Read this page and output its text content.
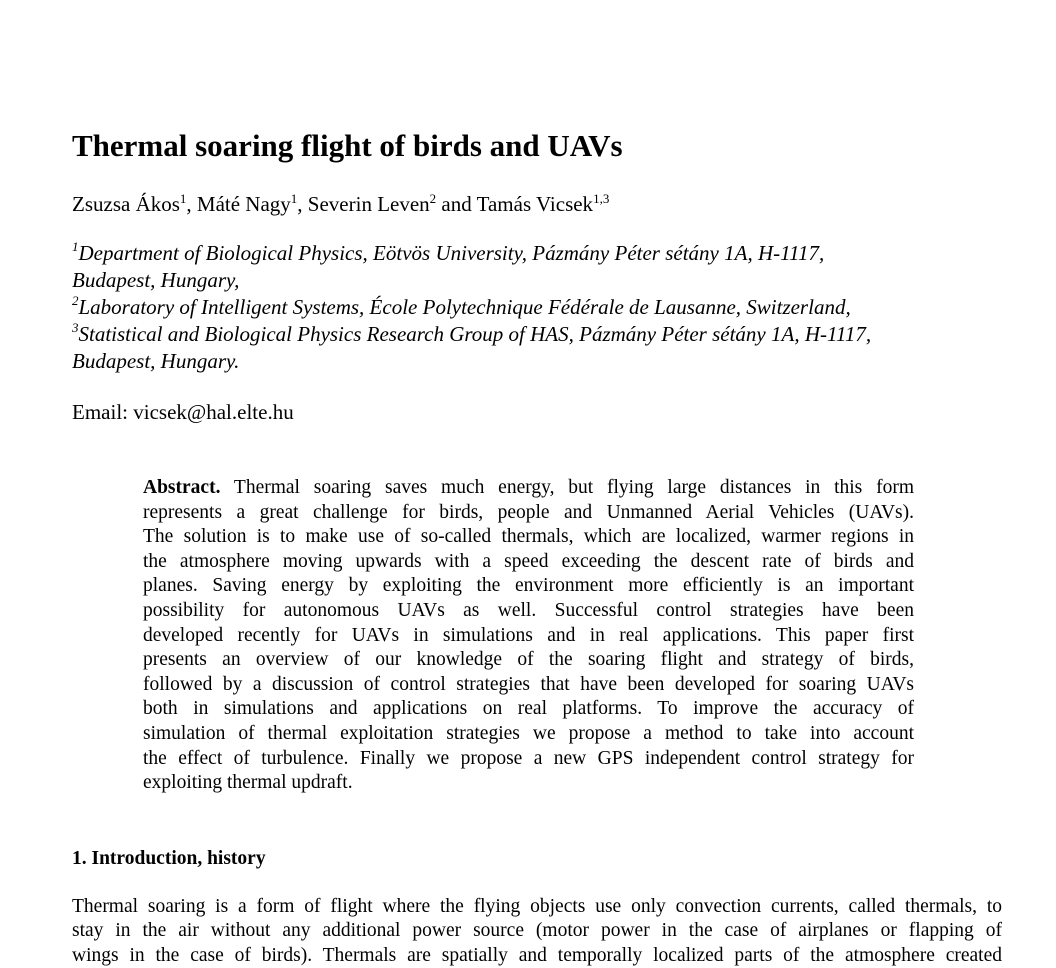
Thermal soaring flight of birds and UAVs
Zsuzsa Ákos$^1$, Máté Nagy$^1$, Severin Leven$^2$ and Tamás Vicsek$^{1,3}$
$^1$Department of Biological Physics, Eötvös University, Pázmány Péter sétány 1A, H-1117,
Budapest, Hungary,
$^2$Laboratory of Intelligent Systems, École Polytechnique Fédérale de Lausanne, Switzerland,
$^3$Statistical and Biological Physics Research Group of HAS, Pázmány Péter sétány 1A, H-1117,
Budapest, Hungary.
Email: vicsek@hal.elte.hu
Abstract. Thermal soaring saves much energy, but flying large distances in this form
represents a great challenge for birds, people and Unmanned Aerial Vehicles (UAVs).
The solution is to make use of so-called thermals, which are localized, warmer regions in
the atmosphere moving upwards with a speed exceeding the descent rate of birds and
planes. Saving energy by exploiting the environment more efficiently is an important
possibility for autonomous UAVs as well. Successful control strategies have been
developed recently for UAVs in simulations and in real applications. This paper first
presents an overview of our knowledge of the soaring flight and strategy of birds,
followed by a discussion of control strategies that have been developed for soaring UAVs
both in simulations and applications on real platforms. To improve the accuracy of
simulation of thermal exploitation strategies we propose a method to take into account
the effect of turbulence. Finally we propose a new GPS independent control strategy for
exploiting thermal updraft.
1. Introduction, history
Thermal soaring is a form of flight where the flying objects use only convection currents, called thermals, to
stay in the air without any additional power source (motor power in the case of airplanes or flapping of
wings in the case of birds). Thermals are spatially and temporally localized parts of the atmosphere created
